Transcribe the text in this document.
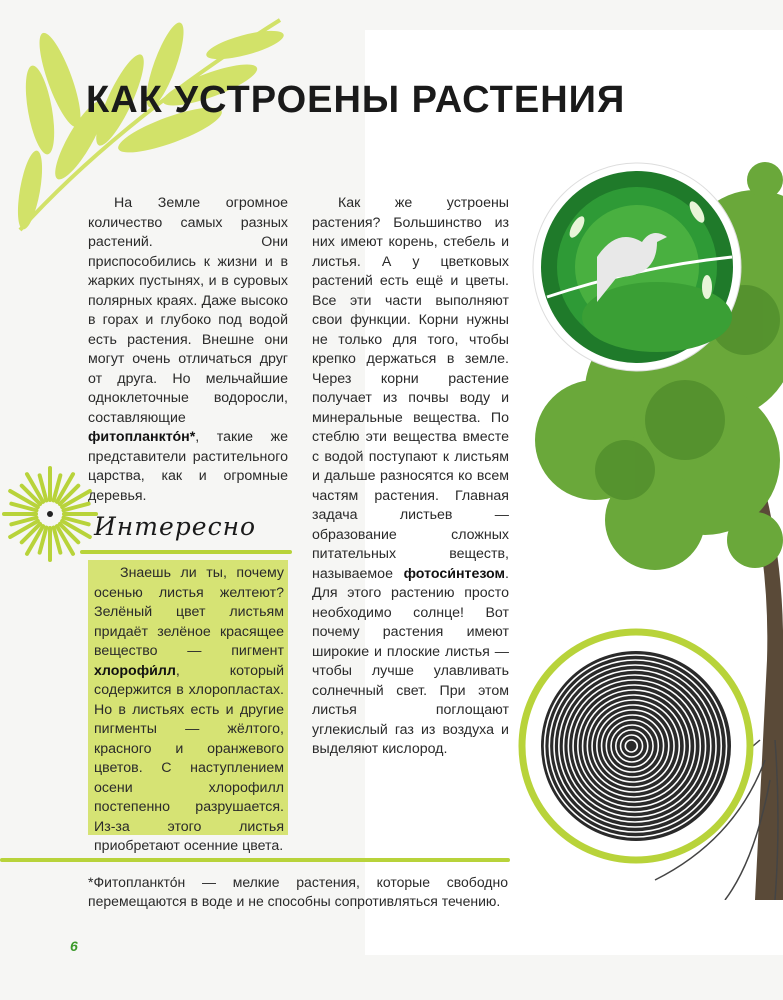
КАК УСТРОЕНЫ РАСТЕНИЯ

На Земле огромное количество самых разных растений. Они приспособились к жизни и в жарких пустынях, и в суровых полярных краях. Даже высоко в горах и глубоко под водой есть растения. Внешне они могут очень отличаться друг от друга. Но мельчайшие одноклеточные водоросли, составляющие фитопланкто́н*, такие же представители растительного царства, как и огромные деревья.

Как же устроены растения? Большинство из них имеют корень, стебель и листья. А у цветковых растений есть ещё и цветы. Все эти части выполняют свои функции. Корни нужны не только для того, чтобы крепко держаться в земле. Через корни растение получает из почвы воду и минеральные вещества. По стеблю эти вещества вместе с водой поступают к листьям и дальше разносятся ко всем частям растения. Главная задача листьев — образование сложных питательных веществ, называемое фотоси́нтезом. Для этого растению просто необходимо солнце! Вот почему растения имеют широкие и плоские листья — чтобы лучше улавливать солнечный свет. При этом листья поглощают углекислый газ из воздуха и выделяют кислород.

Интересно

Знаешь ли ты, почему осенью листья желтеют? Зелёный цвет листьям придаёт зелёное красящее вещество — пигмент хлорофи́лл, который содержится в хлоропластах. Но в листьях есть и другие пигменты — жёлтого, красного и оранжевого цветов. С наступлением осени хлорофилл постепенно разрушается. Из-за этого листья приобретают осенние цвета.

*Фитопланкто́н — мелкие растения, которые свободно перемещаются в воде и не способны сопротивляться течению.
6
